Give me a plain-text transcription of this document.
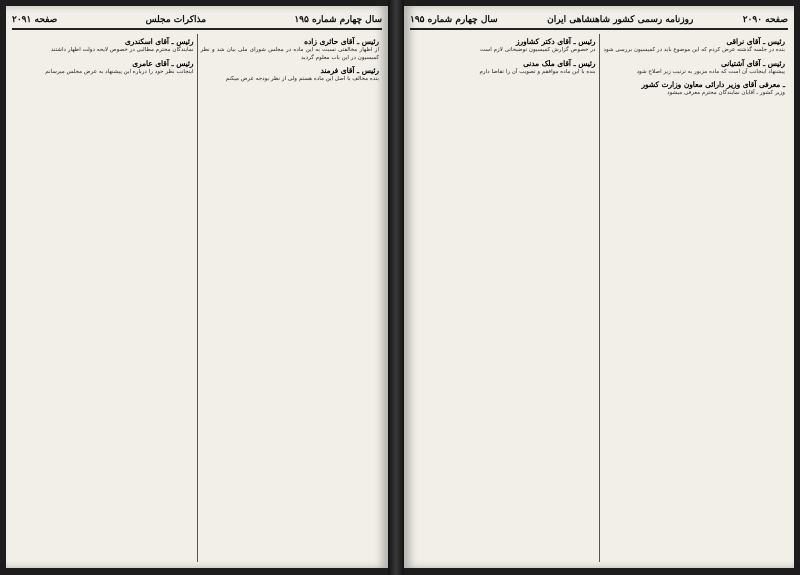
سال چهارم شماره ۱۹۵
مذاکرات مجلس
صفحه ۲۰۹۱
رئیس ـ آقای حائری زاده
از اظهار مخالفتی نسبت به این ماده در مجلس شورای ملی بیان شد و نظر کمیسیون در این باب معلوم گردید
رئیس ـ آقای فرمند
بنده مخالف با اصل این ماده هستم ولی از نظر بودجه عرض میکنم
رئیس ـ آقای اسکندری
نمایندگان محترم مطالبی در خصوص لایحه دولت اظهار داشتند
رئیس ـ آقای عامری
اینجانب نظر خود را درباره این پیشنهاد به عرض مجلس میرسانم
صفحه ۲۰۹۰
روزنامه رسمی کشور شاهنشاهی ایران
سال چهارم شماره ۱۹۵
رئیس ـ آقای نراقی
بنده در جلسه گذشته عرض کردم که این موضوع باید در کمیسیون بررسی شود
رئیس ـ آقای آشتیانی
پیشنهاد اینجانب آن است که ماده مزبور به ترتیب زیر اصلاح شود
ـ معرفی آقای وزیر دارائی معاون وزارت کشور
وزیر کشور ـ آقایان نمایندگان محترم معرفی میشود
رئیس ـ آقای دکتر کشاورز
در خصوص گزارش کمیسیون توضیحاتی لازم است
رئیس ـ آقای ملک مدنی
بنده با این ماده موافقم و تصویب آن را تقاضا دارم
